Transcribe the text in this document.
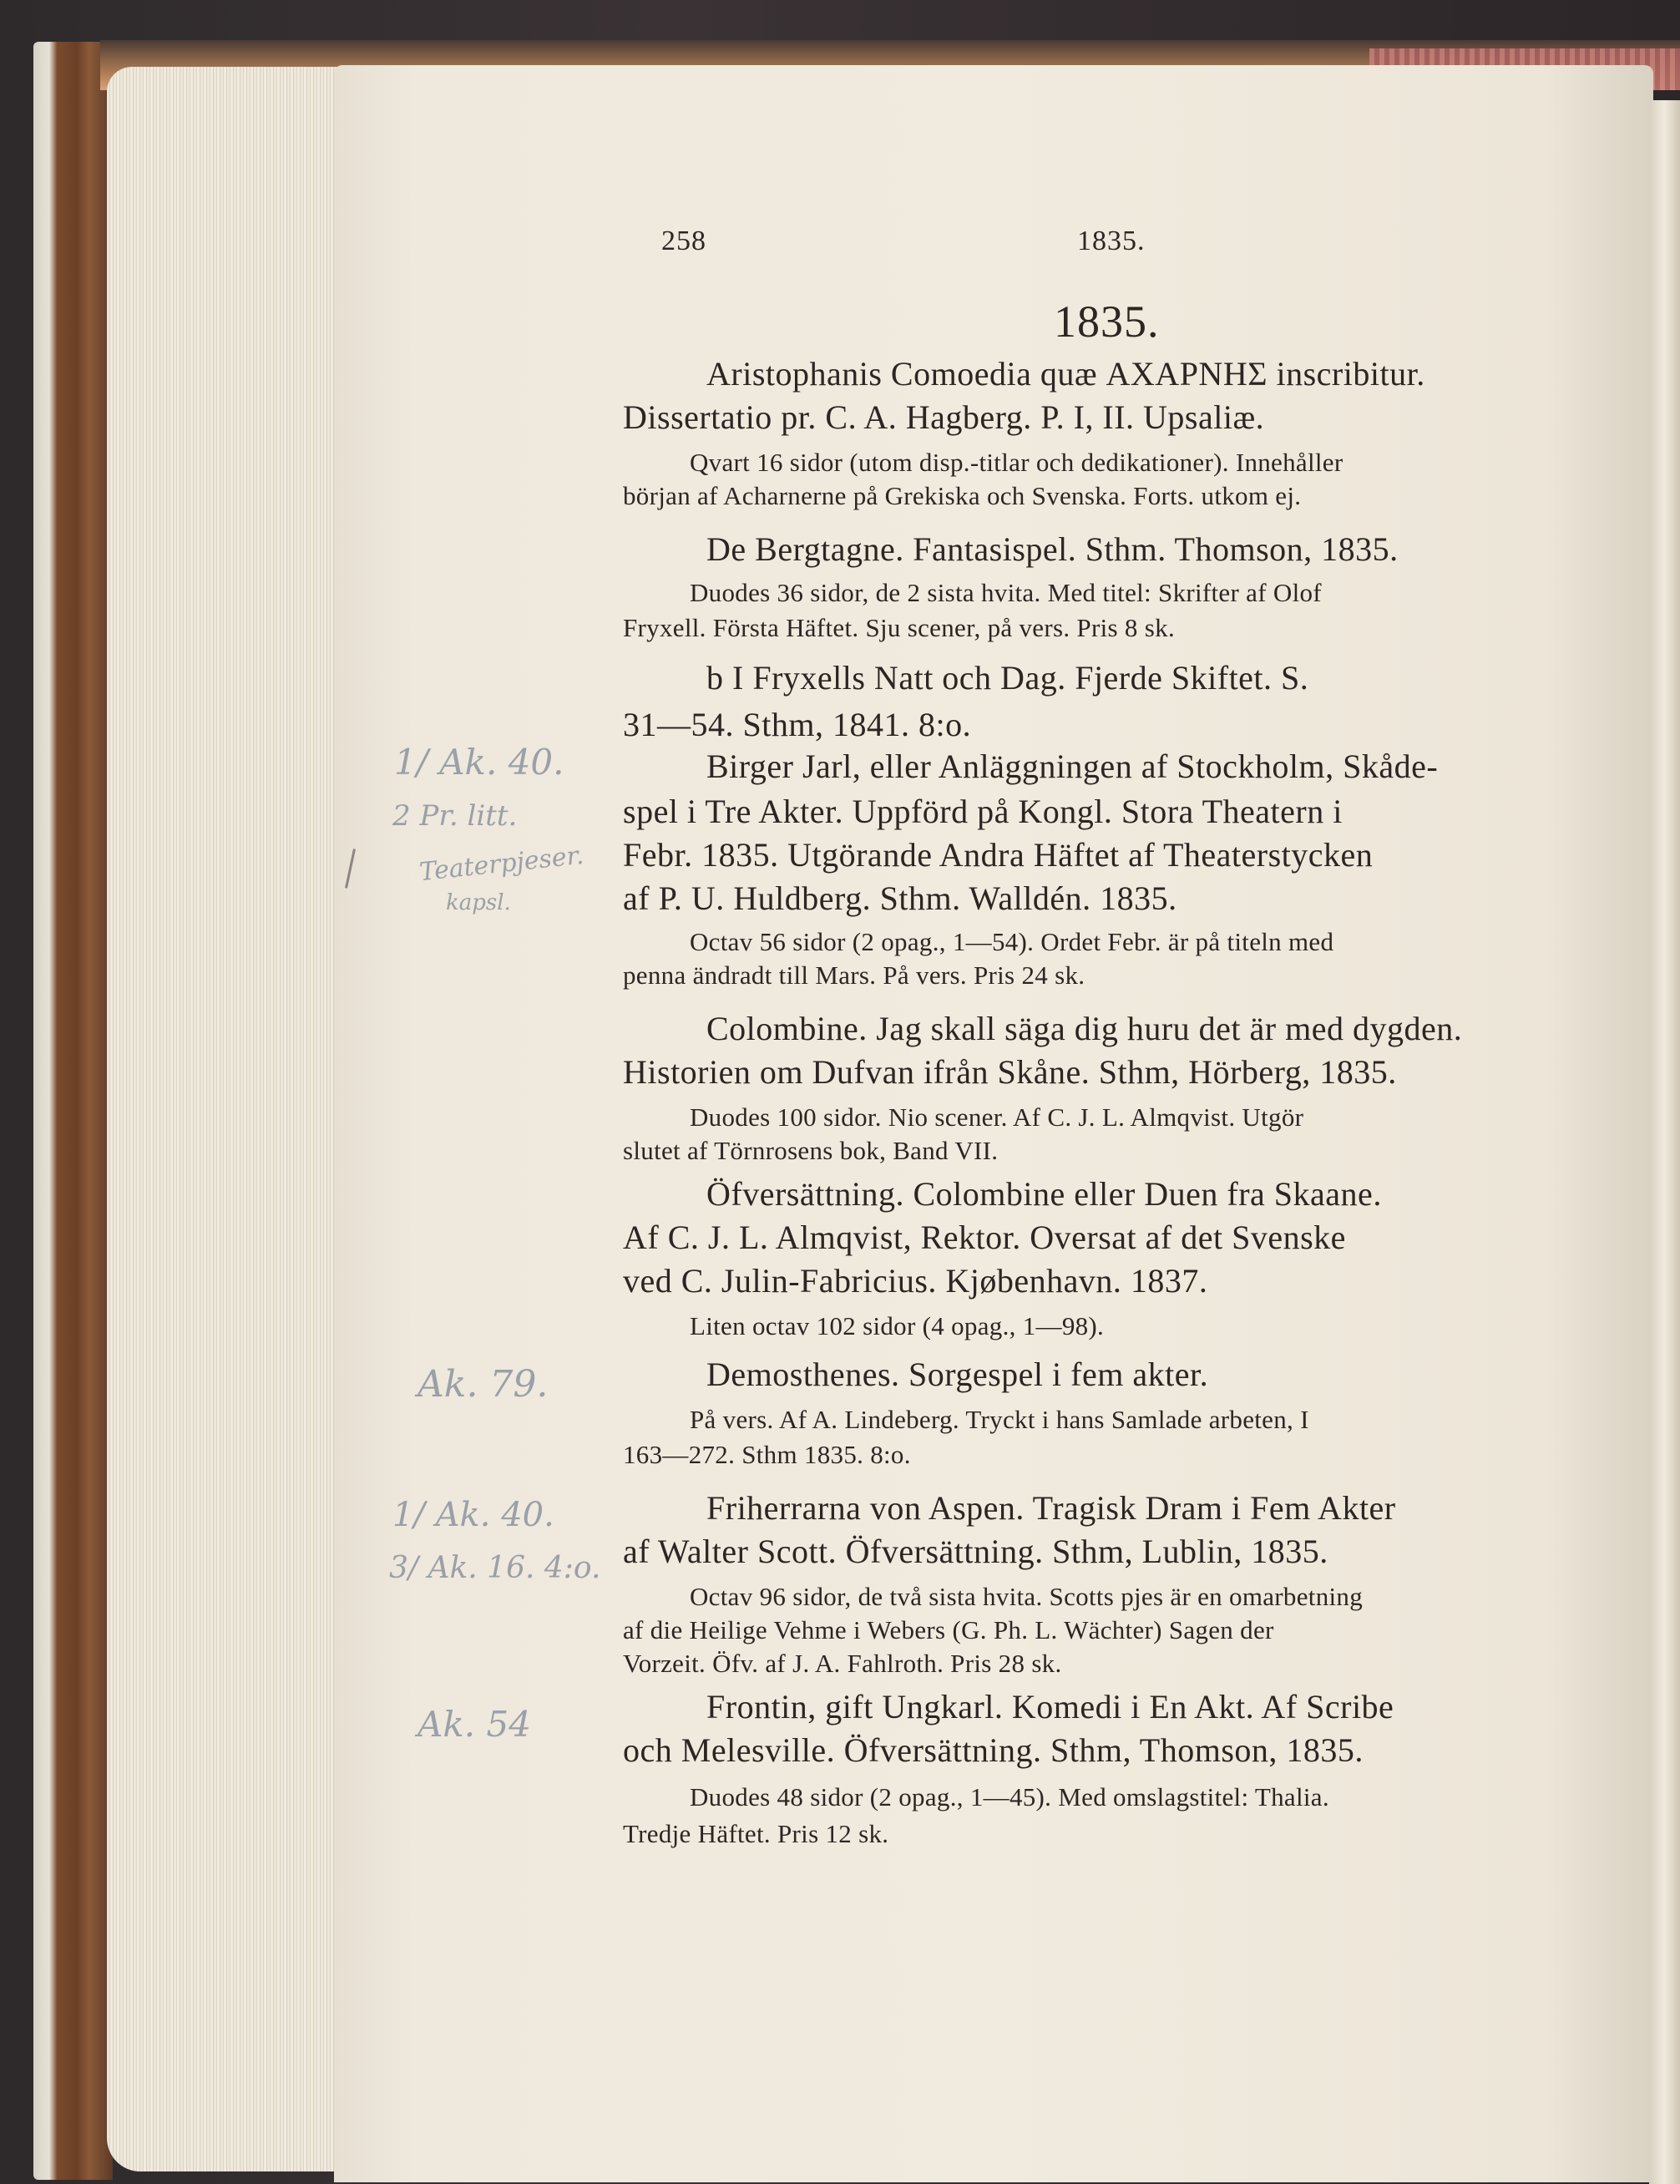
258	1835.
1835.
Aristophanis Comoedia quæ ΑΧΑΡΝΗΣ inscribitur.
Dissertatio pr. C. A. Hagberg. P. I, II. Upsaliæ.
Qvart 16 sidor (utom disp.-titlar och dedikationer). Innehåller
början af Acharnerne på Grekiska och Svenska. Forts. utkom ej.
De Bergtagne. Fantasispel. Sthm. Thomson, 1835.
Duodes 36 sidor, de 2 sista hvita. Med titel: Skrifter af Olof
Fryxell. Första Häftet. Sju scener, på vers. Pris 8 sk.
b I Fryxells Natt och Dag. Fjerde Skiftet. S.
31—54. Sthm, 1841. 8:o.
Birger Jarl, eller Anläggningen af Stockholm, Skåde-
spel i Tre Akter. Uppförd på Kongl. Stora Theatern i
Febr. 1835. Utgörande Andra Häftet af Theaterstycken
af P. U. Huldberg. Sthm. Walldén. 1835.
Octav 56 sidor (2 opag., 1—54). Ordet Febr. är på titeln med
penna ändradt till Mars. På vers. Pris 24 sk.
Colombine. Jag skall säga dig huru det är med dygden.
Historien om Dufvan ifrån Skåne. Sthm, Hörberg, 1835.
Duodes 100 sidor. Nio scener. Af C. J. L. Almqvist. Utgör
slutet af Törnrosens bok, Band VII.
Öfversättning. Colombine eller Duen fra Skaane.
Af C. J. L. Almqvist, Rektor. Oversat af det Svenske
ved C. Julin-Fabricius. Kjøbenhavn. 1837.
Liten octav 102 sidor (4 opag., 1—98).
Demosthenes. Sorgespel i fem akter.
På vers. Af A. Lindeberg. Tryckt i hans Samlade arbeten, I
163—272. Sthm 1835. 8:o.
Friherrarna von Aspen. Tragisk Dram i Fem Akter
af Walter Scott. Öfversättning. Sthm, Lublin, 1835.
Octav 96 sidor, de två sista hvita. Scotts pjes är en omarbetning
af die Heilige Vehme i Webers (G. Ph. L. Wächter) Sagen der
Vorzeit. Öfv. af J. A. Fahlroth. Pris 28 sk.
Frontin, gift Ungkarl. Komedi i En Akt. Af Scribe
och Melesville. Öfversättning. Sthm, Thomson, 1835.
Duodes 48 sidor (2 opag., 1—45). Med omslagstitel: Thalia.
Tredje Häftet. Pris 12 sk.
1/ Ak. 40.
2 Pr. litt.
Teaterpjeser.
kapsl.
Ak. 79.
1/ Ak. 40.
3/ Ak. 16. 4:o.
Ak. 54
